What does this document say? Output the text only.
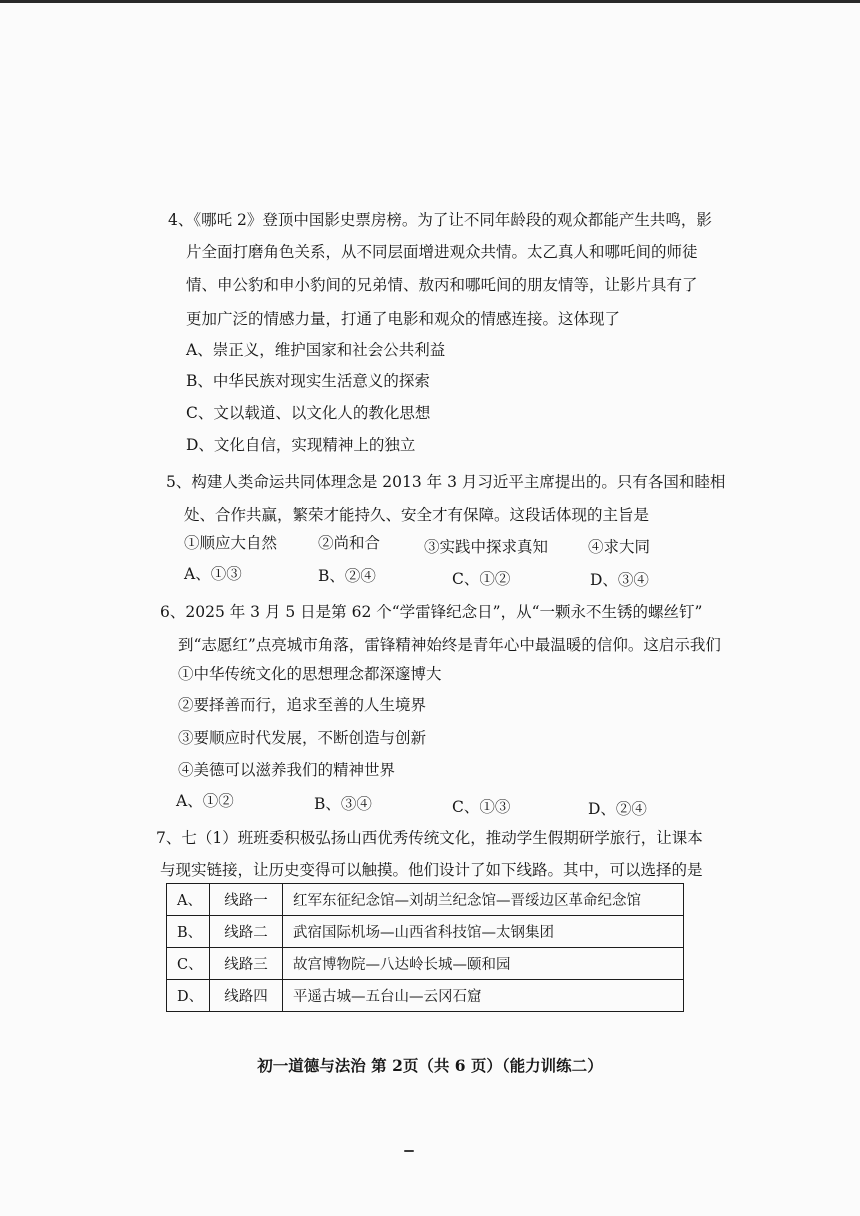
4、《哪吒 2》登顶中国影史票房榜。为了让不同年龄段的观众都能产生共鸣，影
片全面打磨角色关系，从不同层面增进观众共情。太乙真人和哪吒间的师徒
情、申公豹和申小豹间的兄弟情、敖丙和哪吒间的朋友情等，让影片具有了
更加广泛的情感力量，打通了电影和观众的情感连接。这体现了
A、崇正义，维护国家和社会公共利益
B、中华民族对现实生活意义的探索
C、文以载道、以文化人的教化思想
D、文化自信，实现精神上的独立
5、构建人类命运共同体理念是 2013 年 3 月习近平主席提出的。只有各国和睦相
处、合作共赢，繁荣才能持久、安全才有保障。这段话体现的主旨是
①顺应大自然	②尚和合	③实践中探求真知	④求大同
A、①③	B、②④	C、①②	D、③④
6、2025 年 3 月 5 日是第 62 个“学雷锋纪念日”，从“一颗永不生锈的螺丝钉”
到“志愿红”点亮城市角落，雷锋精神始终是青年心中最温暖的信仰。这启示我们
①中华传统文化的思想理念都深邃博大
②要择善而行，追求至善的人生境界
③要顺应时代发展，不断创造与创新
④美德可以滋养我们的精神世界
A、①②	B、③④	C、①③	D、②④
7、七（1）班班委积极弘扬山西优秀传统文化，推动学生假期研学旅行，让课本
与现实链接，让历史变得可以触摸。他们设计了如下线路。其中，可以选择的是
A、	线路一	红军东征纪念馆—刘胡兰纪念馆—晋绥边区革命纪念馆
B、	线路二	武宿国际机场—山西省科技馆—太钢集团
C、	线路三	故宫博物院—八达岭长城—颐和园
D、	线路四	平遥古城—五台山—云冈石窟
初一道德与法治 第 2页（共 6 页）（能力训练二）
